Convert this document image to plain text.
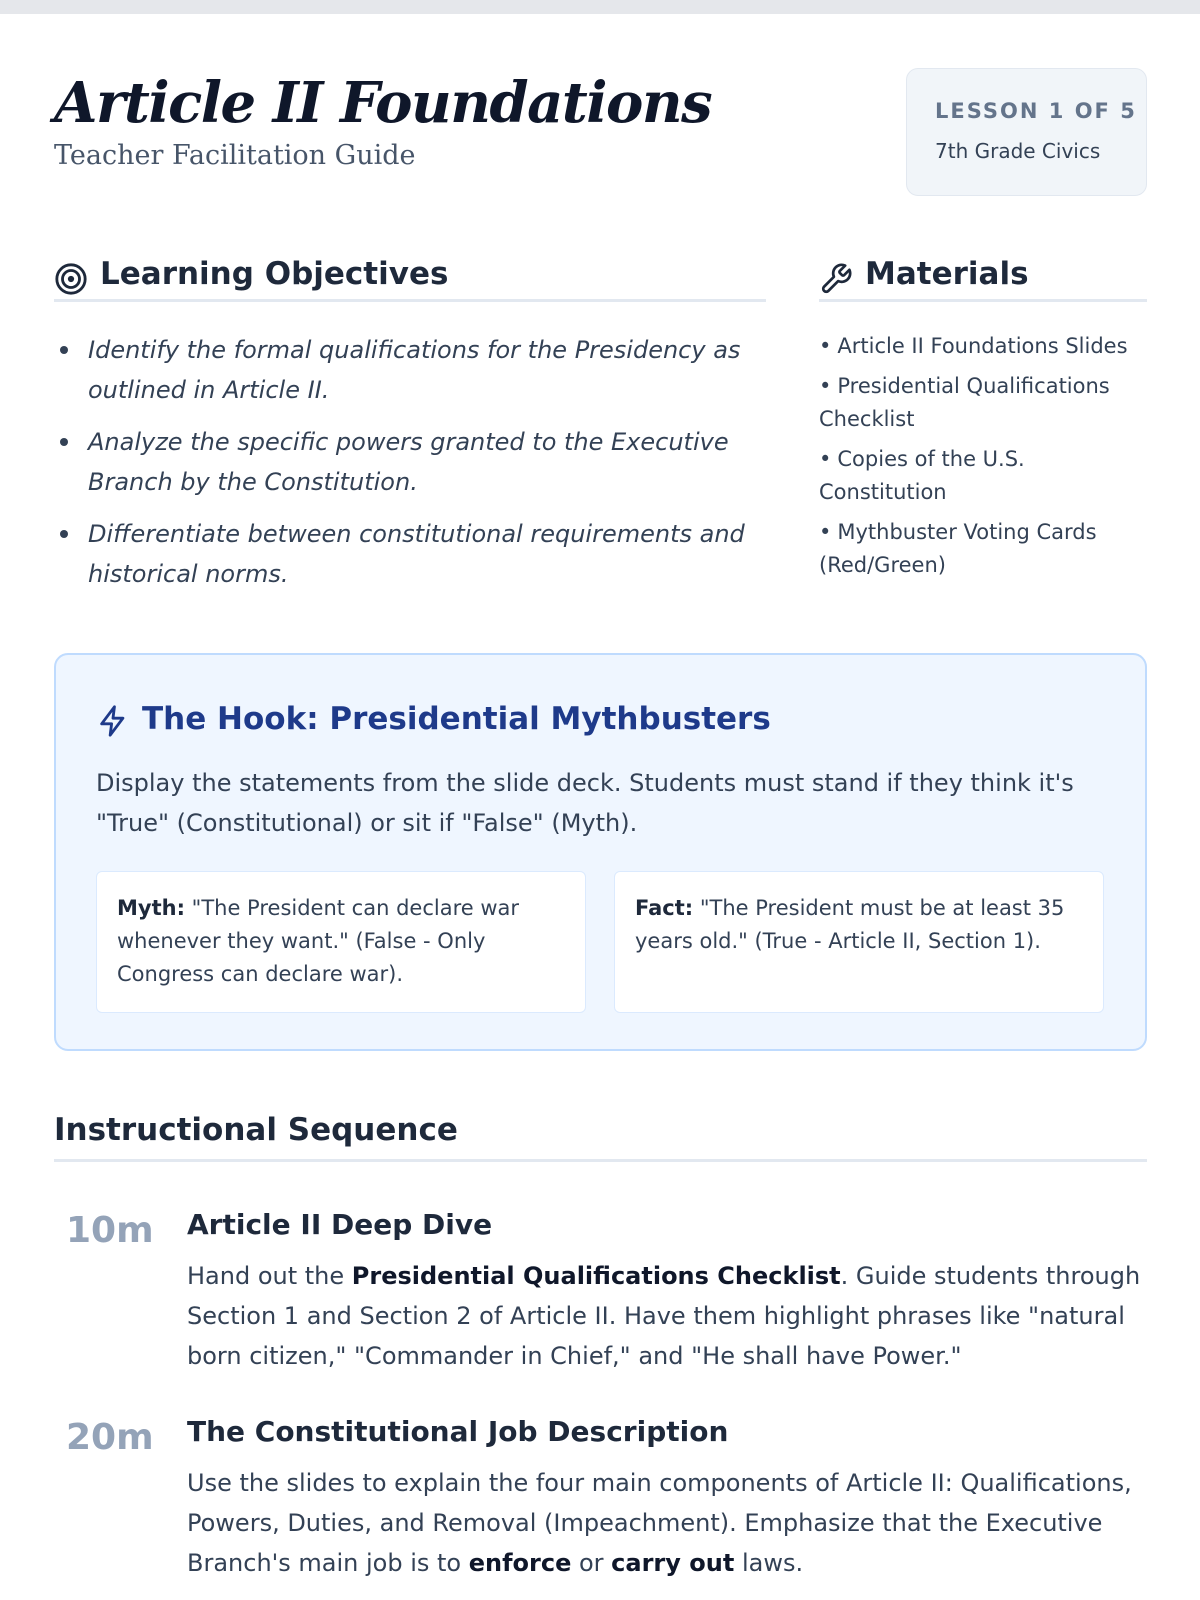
Article II Foundations
Teacher Facilitation Guide
LESSON 1 OF 5
7th Grade Civics
Learning Objectives
Identify the formal qualifications for the Presidency as outlined in Article II.
Analyze the specific powers granted to the Executive Branch by the Constitution.
Differentiate between constitutional requirements and historical norms.
Materials
• Article II Foundations Slides
• Presidential Qualifications Checklist
• Copies of the U.S. Constitution
• Mythbuster Voting Cards (Red/Green)
The Hook: Presidential Mythbusters
Display the statements from the slide deck. Students must stand if they think it's "True" (Constitutional) or sit if "False" (Myth).
Myth: "The President can declare war whenever they want." (False - Only Congress can declare war).
Fact: "The President must be at least 35 years old." (True - Article II, Section 1).
Instructional Sequence
10m Article II Deep Dive
Hand out the Presidential Qualifications Checklist. Guide students through Section 1 and Section 2 of Article II. Have them highlight phrases like "natural born citizen," "Commander in Chief," and "He shall have Power."
20m The Constitutional Job Description
Use the slides to explain the four main components of Article II: Qualifications, Powers, Duties, and Removal (Impeachment). Emphasize that the Executive Branch's main job is to enforce or carry out laws.
